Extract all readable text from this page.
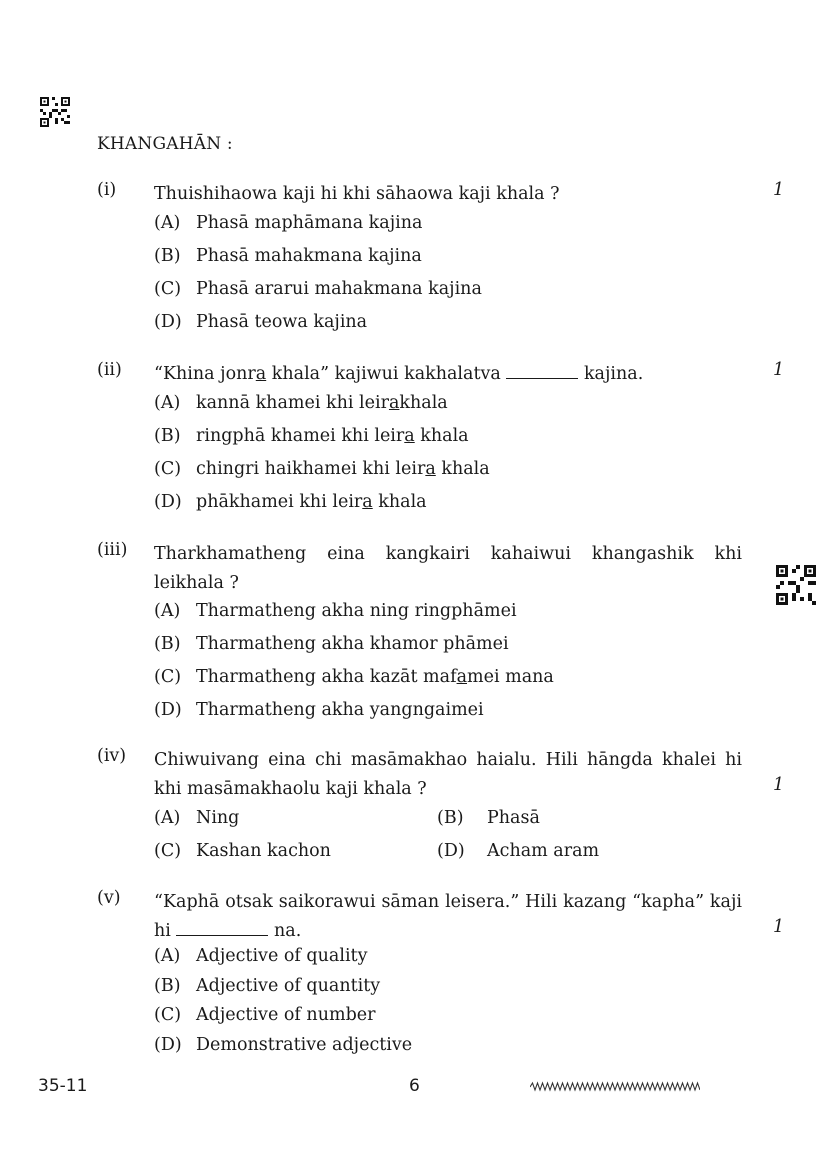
KHANGAHĀN :
(i) Thuishihaowa kaji hi khi sāhaowa kaji khala ?	1
(A) Phasā maphāmana kajina
(B) Phasā mahakmana kajina
(C) Phasā ararui mahakmana kajina
(D) Phasā teowa kajina
(ii) “Khina jonra khala” kajiwui kakhalatva	kajina.	1
(A) kannā khamei khi leirakhala
(B) ringphā khamei khi leira khala
(C) chingri haikhamei khi leira khala
(D) phākhamei khi leira khala
(iii) Tharkhamatheng eina kangkairi kahaiwui khangashik khi
leikhala ?
(A) Tharmatheng akha ning ringphāmei
(B) Tharmatheng akha khamor phāmei
(C) Tharmatheng akha kazāt mafamei mana
(D) Tharmatheng akha yangngaimei
(iv) Chiwuivang eina chi masāmakhao haialu. Hili hāngda khalei hi
khi masāmakhaolu kaji khala ?	1
(A) Ning	(B) Phasā
(C) Kashan kachon	(D) Acham aram
(v) “Kaphā otsak saikorawui sāman leisera.” Hili kazang “kapha” kaji
hi	na.	1
(A) Adjective of quality
(B) Adjective of quantity
(C) Adjective of number
(D) Demonstrative adjective
35-11	6
